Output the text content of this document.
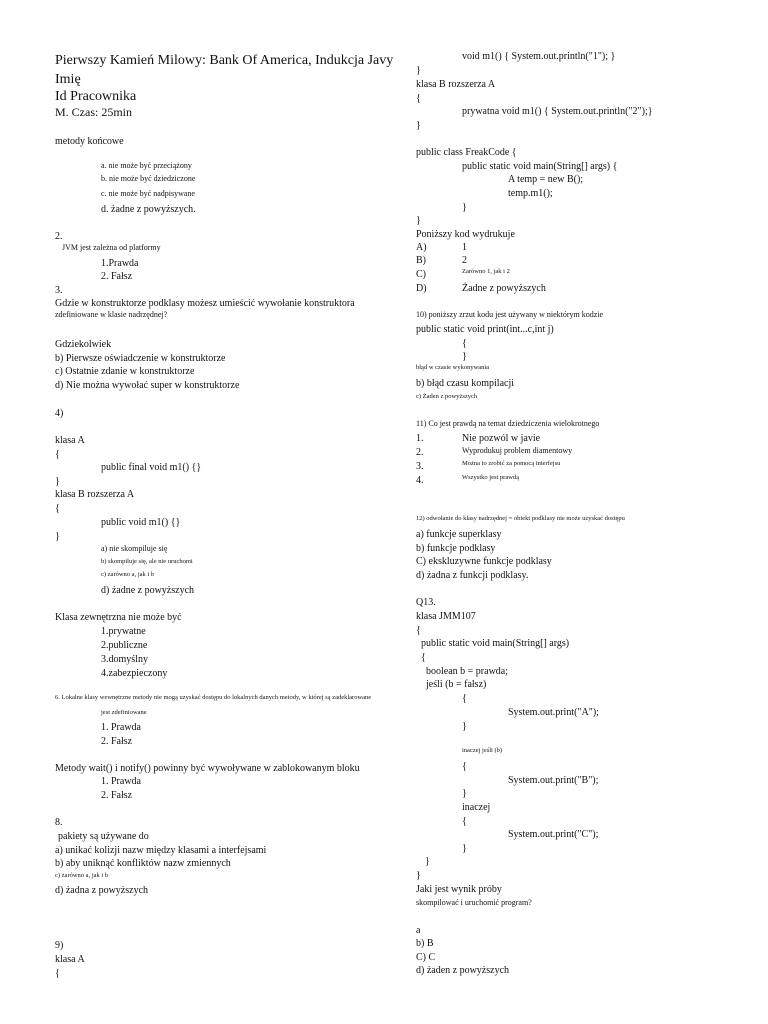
Pierwszy Kamień Milowy: Bank Of America, Indukcja Javy
Imię
Id Pracownika
M. Czas: 25min
metody końcowe
a. nie może być przeciążony
b. nie może być dziedziczone
c. nie może być nadpisywane
d. żadne z powyższych.
2.
JVM jest zależna od platformy
1.Prawda
2. Fałsz
3.
Gdzie w konstruktorze podklasy możesz umieścić wywołanie konstruktora
zdefiniowane w klasie nadrzędnej?
Gdziekolwiek
b) Pierwsze oświadczenie w konstruktorze
c) Ostatnie zdanie w konstruktorze
d) Nie można wywołać super w konstruktorze
4)
klasa A
{
public final void m1() {}
}
klasa B rozszerza A
{
public void m1() {}
}
a) nie skompiluje się
b) skompiluje się, ale nie uruchomi
c) zarówno a, jak i b
d) żadne z powyższych
Klasa zewnętrzna nie może być
1.prywatne
2.publiczne
3.domyślny
4.zabezpieczony
6. Lokalne klasy wewnętrzne metody nie mogą uzyskać dostępu do lokalnych danych metody, w której są zadeklarowane
jest zdefiniowane
1. Prawda
2. Fałsz
Metody wait() i notify() powinny być wywoływane w zablokowanym bloku
1. Prawda
2. Fałsz
8.
pakiety są używane do
a) unikać kolizji nazw między klasami a interfejsami
b) aby uniknąć konfliktów nazw zmiennych
c) zarówno a, jak i b
d) żadna z powyższych
9)
klasa A
{
void m1() { System.out.println("1"); }
}
klasa B rozszerza A
{
prywatna void m1() { System.out.println("2");}
}
public class FreakCode {
public static void main(String[] args) {
A temp = new B();
temp.m1();
}
}
Poniższy kod wydrukuje
A)	1
B)	2
C)	Zarówno 1, jak i 2
D)	Żadne z powyższych
10) poniższy zrzut kodu jest używany w niektórym kodzie
public static void print(int...c,int j)
{
}
błąd w czasie wykonywania
b) błąd czasu kompilacji
c) Żaden z powyższych
11) Co jest prawdą na temat dziedziczenia wielokrotnego
1.	Nie pozwól w javie
2.	Wyprodukuj problem diamentowy
3.	Można to zrobić za pomocą interfejsu
4.	Wszystko jest prawdą
12) odwołanie do klasy nadrzędnej = obiekt podklasy nie może uzyskać dostępu
a) funkcje superklasy
b) funkcje podklasy
C) ekskluzywne funkcje podklasy
d) żadna z funkcji podklasy.
Q13.
klasa JMM107
{
public static void main(String[] args)
{
boolean b = prawda;
jeśli (b = fałsz)
{
System.out.print("A");
}
inaczej jeśli (b)
{
System.out.print("B");
}
inaczej
{
System.out.print("C");
}
}
}
Jaki jest wynik próby
skompilować i uruchomić program?
a
b) B
C) C
d) żaden z powyższych
